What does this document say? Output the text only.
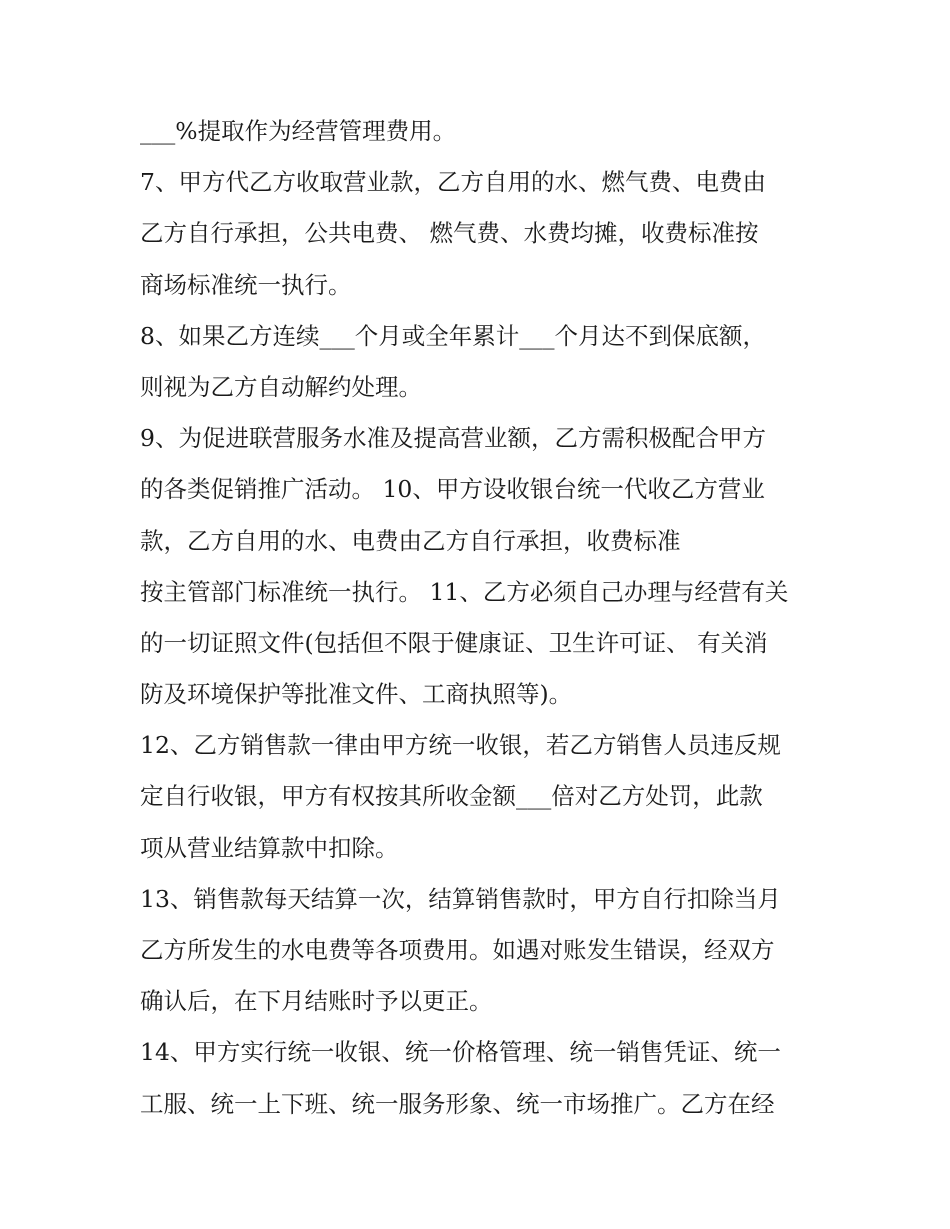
___%提取作为经营管理费用。
7、甲方代乙方收取营业款，乙方自用的水、燃气费、电费由
乙方自行承担，公共电费、 燃气费、水费均摊，收费标准按
商场标准统一执行。
8、如果乙方连续___个月或全年累计___个月达不到保底额，
则视为乙方自动解约处理。
9、为促进联营服务水准及提高营业额，乙方需积极配合甲方
的各类促销推广活动。 10、甲方设收银台统一代收乙方营业
款，乙方自用的水、电费由乙方自行承担，收费标准
按主管部门标准统一执行。 11、乙方必须自己办理与经营有关
的一切证照文件(包括但不限于健康证、卫生许可证、 有关消
防及环境保护等批准文件、工商执照等)。
12、乙方销售款一律由甲方统一收银，若乙方销售人员违反规
定自行收银，甲方有权按其所收金额___倍对乙方处罚，此款
项从营业结算款中扣除。
13、销售款每天结算一次，结算销售款时，甲方自行扣除当月
乙方所发生的水电费等各项费用。如遇对账发生错误，经双方
确认后，在下月结账时予以更正。
14、甲方实行统一收银、统一价格管理、统一销售凭证、统一
工服、统一上下班、统一服务形象、统一市场推广。乙方在经
